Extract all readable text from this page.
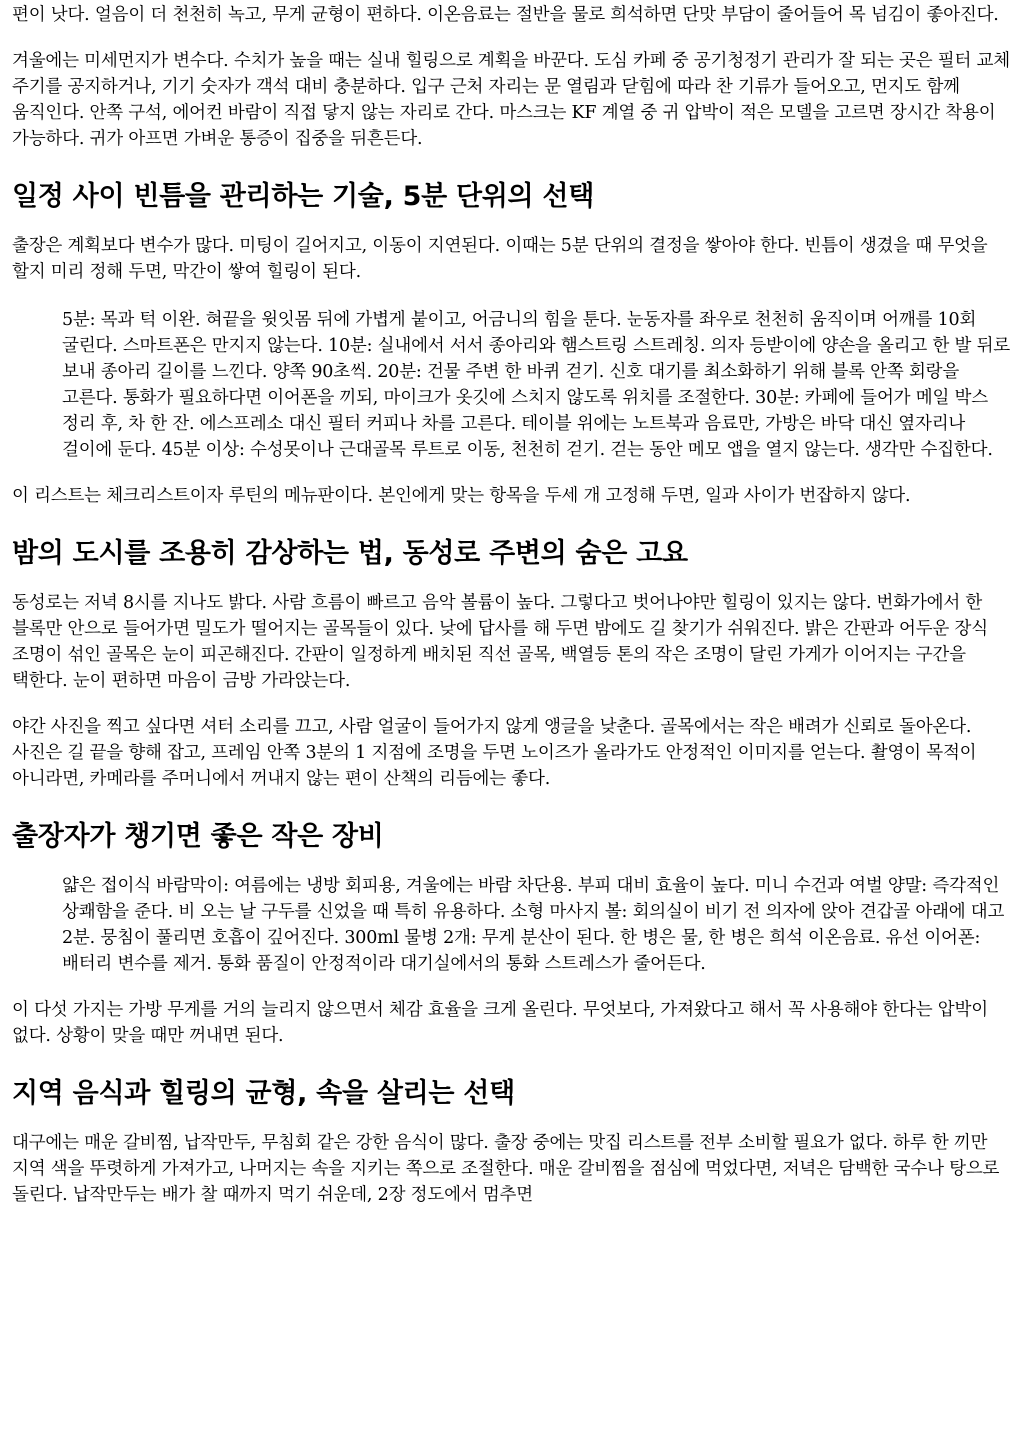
편이 낫다. 얼음이 더 천천히 녹고, 무게 균형이 편하다. 이온음료는 절반을 물로 희석하면 단맛 부담이 줄어들어 목 넘김이 좋아진다.

겨울에는 미세먼지가 변수다. 수치가 높을 때는 실내 힐링으로 계획을 바꾼다. 도심 카페 중 공기청정기 관리가 잘 되는 곳은 필터 교체 주기를 공지하거나, 기기 숫자가 객석 대비 충분하다. 입구 근처 자리는 문 열림과 닫힘에 따라 찬 기류가 들어오고, 먼지도 함께 움직인다. 안쪽 구석, 에어컨 바람이 직접 닿지 않는 자리로 간다. 마스크는 KF 계열 중 귀 압박이 적은 모델을 고르면 장시간 착용이 가능하다. 귀가 아프면 가벼운 통증이 집중을 뒤흔든다.

일정 사이 빈틈을 관리하는 기술, 5분 단위의 선택

출장은 계획보다 변수가 많다. 미팅이 길어지고, 이동이 지연된다. 이때는 5분 단위의 결정을 쌓아야 한다. 빈틈이 생겼을 때 무엇을 할지 미리 정해 두면, 막간이 쌓여 힐링이 된다.

5분: 목과 턱 이완. 혀끝을 윗잇몸 뒤에 가볍게 붙이고, 어금니의 힘을 툰다. 눈동자를 좌우로 천천히 움직이며 어깨를 10회 굴린다. 스마트폰은 만지지 않는다. 10분: 실내에서 서서 종아리와 햄스트링 스트레칭. 의자 등받이에 양손을 올리고 한 발 뒤로 보내 종아리 길이를 느낀다. 양쪽 90초씩. 20분: 건물 주변 한 바퀴 걷기. 신호 대기를 최소화하기 위해 블록 안쪽 회랑을 고른다. 통화가 필요하다면 이어폰을 끼되, 마이크가 옷깃에 스치지 않도록 위치를 조절한다. 30분: 카페에 들어가 메일 박스 정리 후, 차 한 잔. 에스프레소 대신 필터 커피나 차를 고른다. 테이블 위에는 노트북과 음료만, 가방은 바닥 대신 옆자리나 걸이에 둔다. 45분 이상: 수성못이나 근대골목 루트로 이동, 천천히 걷기. 걷는 동안 메모 앱을 열지 않는다. 생각만 수집한다.

이 리스트는 체크리스트이자 루틴의 메뉴판이다. 본인에게 맞는 항목을 두세 개 고정해 두면, 일과 사이가 번잡하지 않다.

밤의 도시를 조용히 감상하는 법, 동성로 주변의 숨은 고요

동성로는 저녁 8시를 지나도 밝다. 사람 흐름이 빠르고 음악 볼륨이 높다. 그렇다고 벗어나야만 힐링이 있지는 않다. 번화가에서 한 블록만 안으로 들어가면 밀도가 떨어지는 골목들이 있다. 낮에 답사를 해 두면 밤에도 길 찾기가 쉬워진다. 밝은 간판과 어두운 장식 조명이 섞인 골목은 눈이 피곤해진다. 간판이 일정하게 배치된 직선 골목, 백열등 톤의 작은 조명이 달린 가게가 이어지는 구간을 택한다. 눈이 편하면 마음이 금방 가라앉는다.

야간 사진을 찍고 싶다면 셔터 소리를 끄고, 사람 얼굴이 들어가지 않게 앵글을 낮춘다. 골목에서는 작은 배려가 신뢰로 돌아온다. 사진은 길 끝을 향해 잡고, 프레임 안쪽 3분의 1 지점에 조명을 두면 노이즈가 올라가도 안정적인 이미지를 얻는다. 촬영이 목적이 아니라면, 카메라를 주머니에서 꺼내지 않는 편이 산책의 리듬에는 좋다.

출장자가 챙기면 좋은 작은 장비

얇은 접이식 바람막이: 여름에는 냉방 회피용, 겨울에는 바람 차단용. 부피 대비 효율이 높다. 미니 수건과 여벌 양말: 즉각적인 상쾌함을 준다. 비 오는 날 구두를 신었을 때 특히 유용하다. 소형 마사지 볼: 회의실이 비기 전 의자에 앉아 견갑골 아래에 대고 2분. 뭉침이 풀리면 호흡이 깊어진다. 300ml 물병 2개: 무게 분산이 된다. 한 병은 물, 한 병은 희석 이온음료. 유선 이어폰: 배터리 변수를 제거. 통화 품질이 안정적이라 대기실에서의 통화 스트레스가 줄어든다.

이 다섯 가지는 가방 무게를 거의 늘리지 않으면서 체감 효율을 크게 올린다. 무엇보다, 가져왔다고 해서 꼭 사용해야 한다는 압박이 없다. 상황이 맞을 때만 꺼내면 된다.

지역 음식과 힐링의 균형, 속을 살리는 선택

대구에는 매운 갈비찜, 납작만두, 무침회 같은 강한 음식이 많다. 출장 중에는 맛집 리스트를 전부 소비할 필요가 없다. 하루 한 끼만 지역 색을 뚜렷하게 가져가고, 나머지는 속을 지키는 쪽으로 조절한다. 매운 갈비찜을 점심에 먹었다면, 저녁은 담백한 국수나 탕으로 돌린다. 납작만두는 배가 찰 때까지 먹기 쉬운데, 2장 정도에서 멈추면
